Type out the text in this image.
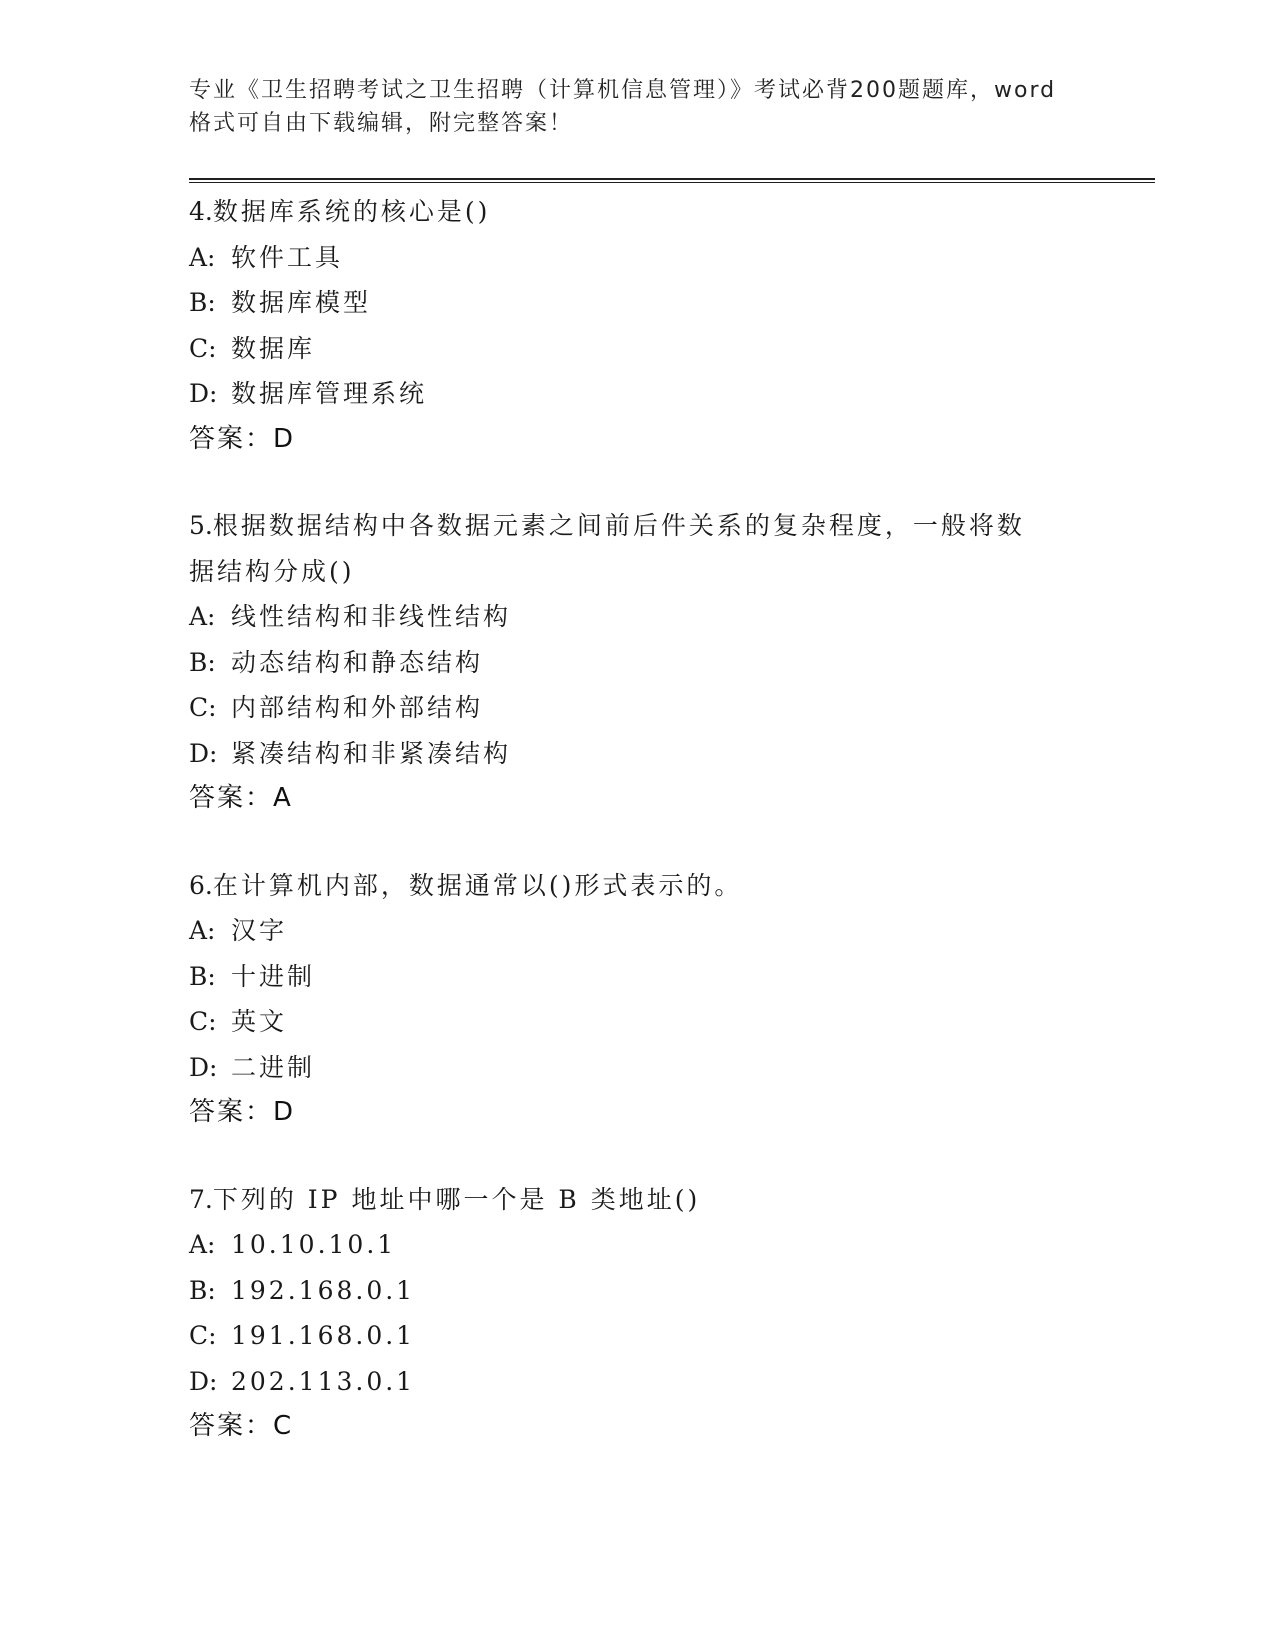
专业《卫生招聘考试之卫生招聘（计算机信息管理）》考试必背200题题库，word
格式可自由下载编辑，附完整答案！
4.数据库系统的核心是()
A: 软件工具
B: 数据库模型
C: 数据库
D: 数据库管理系统
答案：D
5.根据数据结构中各数据元素之间前后件关系的复杂程度，一般将数
据结构分成()
A: 线性结构和非线性结构
B: 动态结构和静态结构
C: 内部结构和外部结构
D: 紧凑结构和非紧凑结构
答案：A
6.在计算机内部，数据通常以()形式表示的。
A: 汉字
B: 十进制
C: 英文
D: 二进制
答案：D
7.下列的 IP 地址中哪一个是 B 类地址()
A: 10.10.10.1
B: 192.168.0.1
C: 191.168.0.1
D: 202.113.0.1
答案：C
